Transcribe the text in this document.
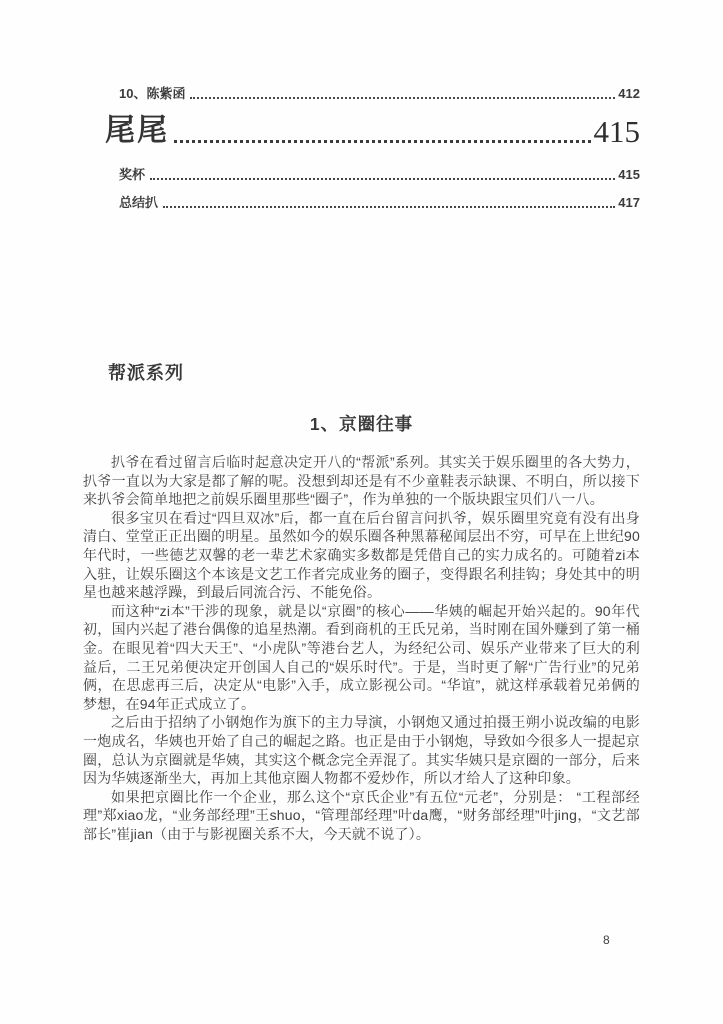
10、陈紫函	412
尾尾	415
奖杯	415
总结扒	417
帮派系列
1、京圈往事

扒爷在看过留言后临时起意决定开八的“帮派”系列。其实关于娱乐圈里的各大势力，扒爷一直以为大家是都了解的呢。没想到却还是有不少童鞋表示缺课、不明白，所以接下来扒爷会简单地把之前娱乐圈里那些“圈子”，作为单独的一个版块跟宝贝们八一八。

很多宝贝在看过“四旦双冰”后，都一直在后台留言问扒爷，娱乐圈里究竟有没有出身清白、堂堂正正出圈的明星。虽然如今的娱乐圈各种黑幕秘闻层出不穷，可早在上世纪90年代时，一些德艺双馨的老一辈艺术家确实多数都是凭借自己的实力成名的。可随着zi本入驻，让娱乐圈这个本该是文艺工作者完成业务的圈子，变得跟名利挂钩；身处其中的明星也越来越浮躁，到最后同流合污、不能免俗。

而这种“zi本”干涉的现象，就是以“京圈”的核心——华姨的崛起开始兴起的。90年代初，国内兴起了港台偶像的追星热潮。看到商机的王氏兄弟，当时刚在国外赚到了第一桶金。在眼见着“四大天王”、“小虎队”等港台艺人，为经纪公司、娱乐产业带来了巨大的利益后，二王兄弟便决定开创国人自己的“娱乐时代”。于是，当时更了解“广告行业”的兄弟俩，在思虑再三后，决定从“电影”入手，成立影视公司。“华谊”，就这样承载着兄弟俩的梦想，在94年正式成立了。

之后由于招纳了小钢炮作为旗下的主力导演，小钢炮又通过拍摄王朔小说改编的电影一炮成名，华姨也开始了自己的崛起之路。也正是由于小钢炮，导致如今很多人一提起京圈，总认为京圈就是华姨，其实这个概念完全弄混了。其实华姨只是京圈的一部分，后来因为华姨逐渐坐大，再加上其他京圈人物都不爱炒作，所以才给人了这种印象。

如果把京圈比作一个企业，那么这个“京氏企业”有五位“元老”，分别是： “工程部经理”郑xiao龙，“业务部经理”王shuo，“管理部经理”叶da鹰，“财务部经理”叶jing，“文艺部部长”崔jian（由于与影视圈关系不大，今天就不说了）。

8
